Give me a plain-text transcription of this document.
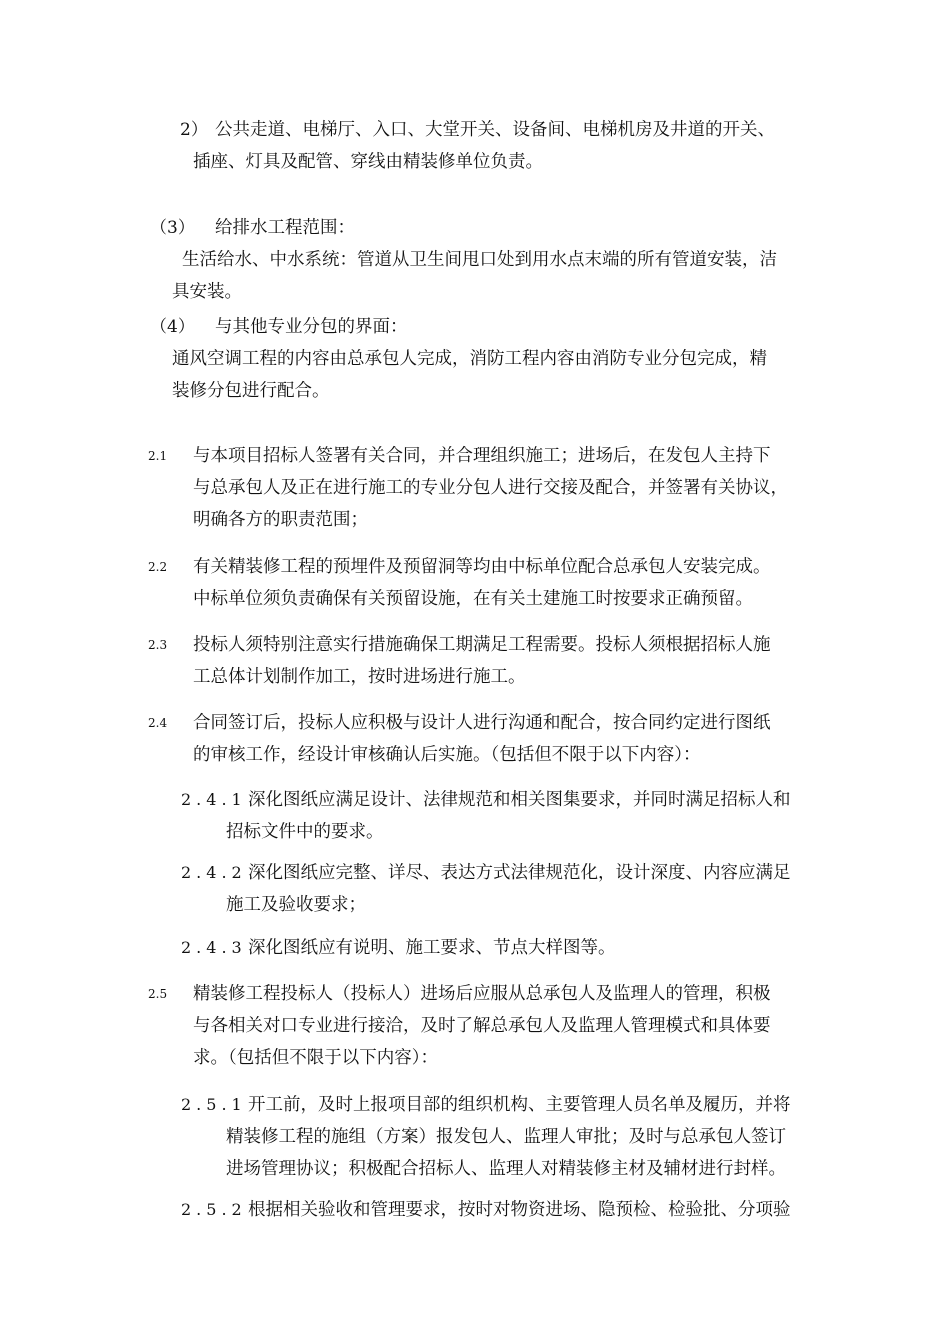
2） 公共走道、电梯厅、入口、大堂开关、设备间、电梯机房及井道的开关、
插座、灯具及配管、穿线由精装修单位负责。
（3） 给排水工程范围：
生活给水、中水系统：管道从卫生间甩口处到用水点末端的所有管道安装，洁
具安装。
（4） 与其他专业分包的界面：
通风空调工程的内容由总承包人完成，消防工程内容由消防专业分包完成，精
装修分包进行配合。
2.1 与本项目招标人签署有关合同，并合理组织施工；进场后，在发包人主持下
与总承包人及正在进行施工的专业分包人进行交接及配合，并签署有关协议，
明确各方的职责范围；
2.2 有关精装修工程的预埋件及预留洞等均由中标单位配合总承包人安装完成。
中标单位须负责确保有关预留设施，在有关土建施工时按要求正确预留。
2.3 投标人须特别注意实行措施确保工期满足工程需要。投标人须根据招标人施
工总体计划制作加工，按时进场进行施工。
2.4 合同签订后，投标人应积极与设计人进行沟通和配合，按合同约定进行图纸
的审核工作，经设计审核确认后实施。（包括但不限于以下内容）：
2.4.1 深化图纸应满足设计、法律规范和相关图集要求，并同时满足招标人和
招标文件中的要求。
2.4.2 深化图纸应完整、详尽、表达方式法律规范化，设计深度、内容应满足
施工及验收要求；
2.4.3 深化图纸应有说明、施工要求、节点大样图等。
2.5 精装修工程投标人（投标人）进场后应服从总承包人及监理人的管理，积极
与各相关对口专业进行接洽，及时了解总承包人及监理人管理模式和具体要
求。（包括但不限于以下内容）：
2.5.1 开工前，及时上报项目部的组织机构、主要管理人员名单及履历，并将
精装修工程的施组（方案）报发包人、监理人审批；及时与总承包人签订
进场管理协议；积极配合招标人、监理人对精装修主材及辅材进行封样。
2.5.2 根据相关验收和管理要求，按时对物资进场、隐预检、检验批、分项验
